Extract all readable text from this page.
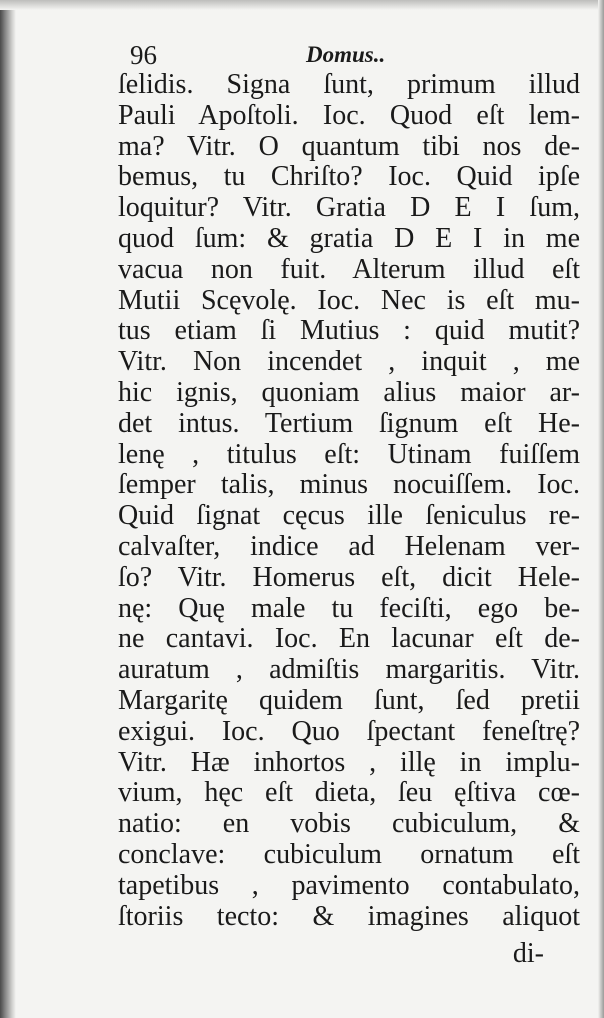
96	Domus..
ſelidis. Signa ſunt, primum illud
Pauli Apoſtoli. Ioc. Quod eſt lem-
ma? Vitr. O quantum tibi nos de-
bemus, tu Chriſto? Ioc. Quid ipſe
loquitur? Vitr. Gratia D E I ſum,
quod ſum: & gratia D E I in me
vacua non fuit. Alterum illud eſt
Mutii Scęvolę. Ioc. Nec is eſt mu-
tus etiam ſi Mutius : quid mutit?
Vitr. Non incendet , inquit , me
hic ignis, quoniam alius maior ar-
det intus. Tertium ſignum eſt He-
lenę , titulus eſt: Utinam fuiſſem
ſemper talis, minus nocuiſſem. Ioc.
Quid ſignat cęcus ille ſeniculus re-
calvaſter, indice ad Helenam ver-
ſo? Vitr. Homerus eſt, dicit Hele-
nę: Quę male tu feciſti, ego be-
ne cantavi. Ioc. En lacunar eſt de-
auratum , admiſtis margaritis. Vitr.
Margaritę quidem ſunt, ſed pretii
exigui. Ioc. Quo ſpectant feneſtrę?
Vitr. Hæ inhortos , illę in implu-
vium, hęc eſt dieta, ſeu ęſtiva cœ-
natio: en vobis cubiculum, &
conclave: cubiculum ornatum eſt
tapetibus , pavimento contabulato,
ſtoriis tecto: & imagines aliquot
di-
